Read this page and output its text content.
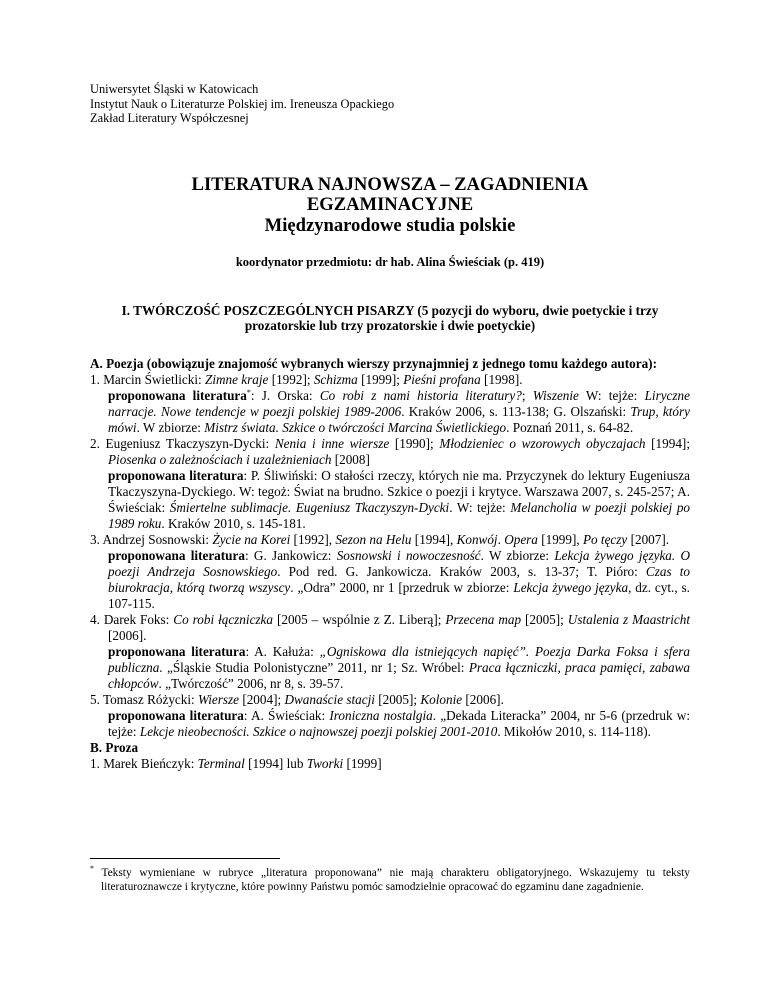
Uniwersytet Śląski w Katowicach
Instytut Nauk o Literaturze Polskiej im. Ireneusza Opackiego
Zakład Literatury Współczesnej
LITERATURA NAJNOWSZA – ZAGADNIENIA
EGZAMINACYJNE
Międzynarodowe studia polskie
koordynator przedmiotu: dr hab. Alina Świeściak (p. 419)
I. TWÓRCZOŚĆ POSZCZEGÓLNYCH PISARZY (5 pozycji do wyboru, dwie poetyckie i trzy prozatorskie lub trzy prozatorskie i dwie poetyckie)
A. Poezja (obowiązuje znajomość wybranych wierszy przynajmniej z jednego tomu każdego autora):
1. Marcin Świetlicki: Zimne kraje [1992]; Schizma [1999]; Pieśni profana [1998].
proponowana literatura*: J. Orska: Co robi z nami historia literatury?; Wiszenie W: tejże: Liryczne narracje. Nowe tendencje w poezji polskiej 1989-2006. Kraków 2006, s. 113-138; G. Olszański: Trup, który mówi. W zbiorze: Mistrz świata. Szkice o twórczości Marcina Świetlickiego. Poznań 2011, s. 64-82.
2. Eugeniusz Tkaczyszyn-Dycki: Nenia i inne wiersze [1990]; Młodzieniec o wzorowych obyczajach [1994]; Piosenka o zależnościach i uzależnieniach [2008]
proponowana literatura: P. Śliwiński: O stałości rzeczy, których nie ma. Przyczynek do lektury Eugeniusza Tkaczyszyna-Dyckiego. W: tegoż: Świat na brudno. Szkice o poezji i krytyce. Warszawa 2007, s. 245-257; A. Świeściak: Śmiertelne sublimacje. Eugeniusz Tkaczyszyn-Dycki. W: tejże: Melancholia w poezji polskiej po 1989 roku. Kraków 2010, s. 145-181.
3. Andrzej Sosnowski: Życie na Korei [1992], Sezon na Helu [1994], Konwój. Opera [1999], Po tęczy [2007].
proponowana literatura: G. Jankowicz: Sosnowski i nowoczesność. W zbiorze: Lekcja żywego języka. O poezji Andrzeja Sosnowskiego. Pod red. G. Jankowicza. Kraków 2003, s. 13-37; T. Pióro: Czas to biurokracja, którą tworzą wszyscy. „Odra” 2000, nr 1 [przedruk w zbiorze: Lekcja żywego języka, dz. cyt., s. 107-115.
4. Darek Foks: Co robi łączniczka [2005 – wspólnie z Z. Liberą]; Przecena map [2005]; Ustalenia z Maastricht [2006].
proponowana literatura: A. Kałuża: „Ogniskowa dla istniejących napięć”. Poezja Darka Foksa i sfera publiczna. „Śląskie Studia Polonistyczne” 2011, nr 1; Sz. Wróbel: Praca łączniczki, praca pamięci, zabawa chłopców. „Twórczość” 2006, nr 8, s. 39-57.
5. Tomasz Różycki: Wiersze [2004]; Dwanaście stacji [2005]; Kolonie [2006].
proponowana literatura: A. Świeściak: Ironiczna nostalgia. „Dekada Literacka” 2004, nr 5-6 (przedruk w: tejże: Lekcje nieobecności. Szkice o najnowszej poezji polskiej 2001-2010. Mikołów 2010, s. 114-118).
B. Proza
1. Marek Bieńczyk: Terminal [1994] lub Tworki [1999]
* Teksty wymieniane w rubryce „literatura proponowana” nie mają charakteru obligatoryjnego. Wskazujemy tu teksty literaturoznawcze i krytyczne, które powinny Państwu pomóc samodzielnie opracować do egzaminu dane zagadnienie.
